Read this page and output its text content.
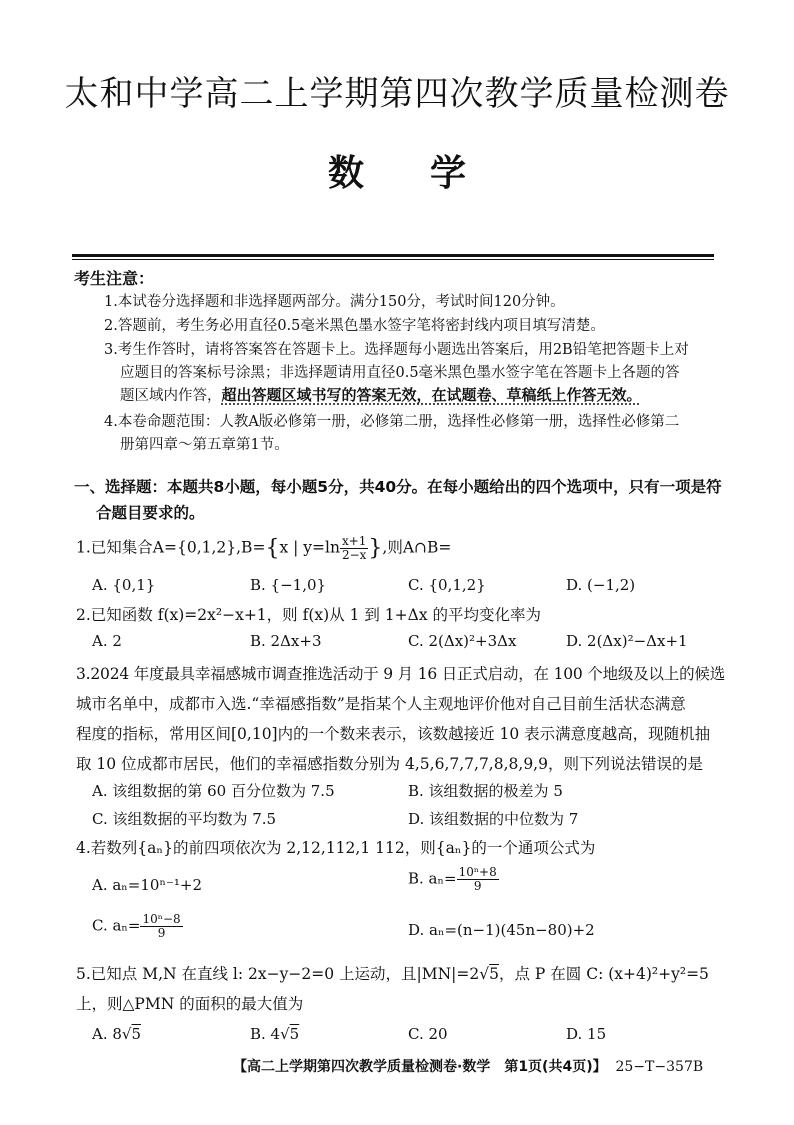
太和中学高二上学期第四次教学质量检测卷
数学
考生注意：
1.本试卷分选择题和非选择题两部分。满分150分，考试时间120分钟。
2.答题前，考生务必用直径0.5毫米黑色墨水签字笔将密封线内项目填写清楚。
3.考生作答时，请将答案答在答题卡上。选择题每小题选出答案后，用2B铅笔把答题卡上对
应题目的答案标号涂黑；非选择题请用直径0.5毫米黑色墨水签字笔在答题卡上各题的答
题区域内作答，超出答题区域书写的答案无效，在试题卷、草稿纸上作答无效。
4.本卷命题范围：人教A版必修第一册，必修第二册，选择性必修第一册，选择性必修第二
册第四章～第五章第1节。
一、选择题：本题共8小题，每小题5分，共40分。在每小题给出的四个选项中，只有一项是符
合题目要求的。
1.已知集合A={0,1,2},B={x | $y=\ln \frac{x+1}{2-x}$ },则A∩B=
A. {0,1}	B. {−1,0}	C. {0,1,2}	D. (−1,2)
2.已知函数 f(x)=2x²−x+1，则 f(x)从 1 到 1+Δx 的平均变化率为
A. 2	B. 2Δx+3	C. 2(Δx)²+3Δx	D. 2(Δx)²−Δx+1
3.2024 年度最具幸福感城市调查推选活动于 9 月 16 日正式启动，在 100 个地级及以上的候选
城市名单中，成都市入选.“幸福感指数”是指某个人主观地评价他对自己目前生活状态满意
程度的指标，常用区间[0,10]内的一个数来表示，该数越接近 10 表示满意度越高，现随机抽
取 10 位成都市居民，他们的幸福感指数分别为 4,5,6,7,7,7,8,8,9,9，则下列说法错误的是
A. 该组数据的第 60 百分位数为 7.5	B. 该组数据的极差为 5
C. 该组数据的平均数为 7.5	D. 该组数据的中位数为 7
4.若数列{aₙ}的前四项依次为 2,12,112,1 112，则{aₙ}的一个通项公式为
A. aₙ=10ⁿ⁻¹+2	B. $a_n= \frac{\text{10ⁿ+8}}{9}$
C. $a_n= \frac{\text{10ⁿ−8}}{9}$	D. aₙ=(n−1)(45n−80)+2
5.已知点 M,N 在直线 l: 2x−y−2=0 上运动，且|MN|=2√5，点 P 在圆 C: (x+4)²+y²=5
上，则△PMN 的面积的最大值为
A. 8√5	B. 4√5	C. 20	D. 15
【高二上学期第四次教学质量检测卷·数学　第1页(共4页)】 25−T−357B
